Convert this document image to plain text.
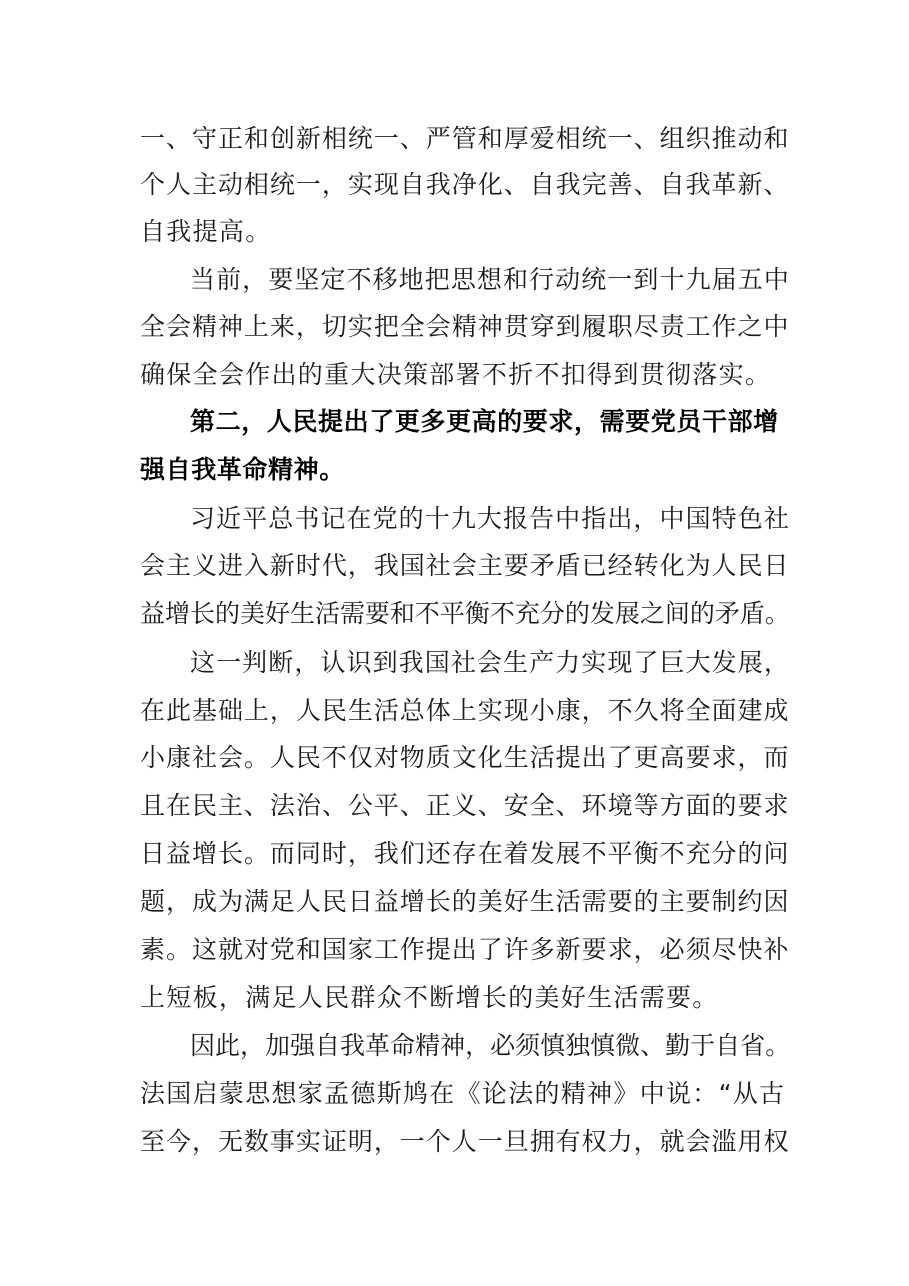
一、守正和创新相统一、严管和厚爱相统一、组织推动和
个人主动相统一，实现自我净化、自我完善、自我革新、
自我提高。
当前，要坚定不移地把思想和行动统一到十九届五中
全会精神上来，切实把全会精神贯穿到履职尽责工作之中
确保全会作出的重大决策部署不折不扣得到贯彻落实。
第二，人民提出了更多更高的要求，需要党员干部增
强自我革命精神。
习近平总书记在党的十九大报告中指出，中国特色社
会主义进入新时代，我国社会主要矛盾已经转化为人民日
益增长的美好生活需要和不平衡不充分的发展之间的矛盾。
这一判断，认识到我国社会生产力实现了巨大发展，
在此基础上，人民生活总体上实现小康，不久将全面建成
小康社会。人民不仅对物质文化生活提出了更高要求，而
且在民主、法治、公平、正义、安全、环境等方面的要求
日益增长。而同时，我们还存在着发展不平衡不充分的问
题，成为满足人民日益增长的美好生活需要的主要制约因
素。这就对党和国家工作提出了许多新要求，必须尽快补
上短板，满足人民群众不断增长的美好生活需要。
因此，加强自我革命精神，必须慎独慎微、勤于自省。
法国启蒙思想家孟德斯鸠在《论法的精神》中说：“从古
至今，无数事实证明，一个人一旦拥有权力，就会滥用权
